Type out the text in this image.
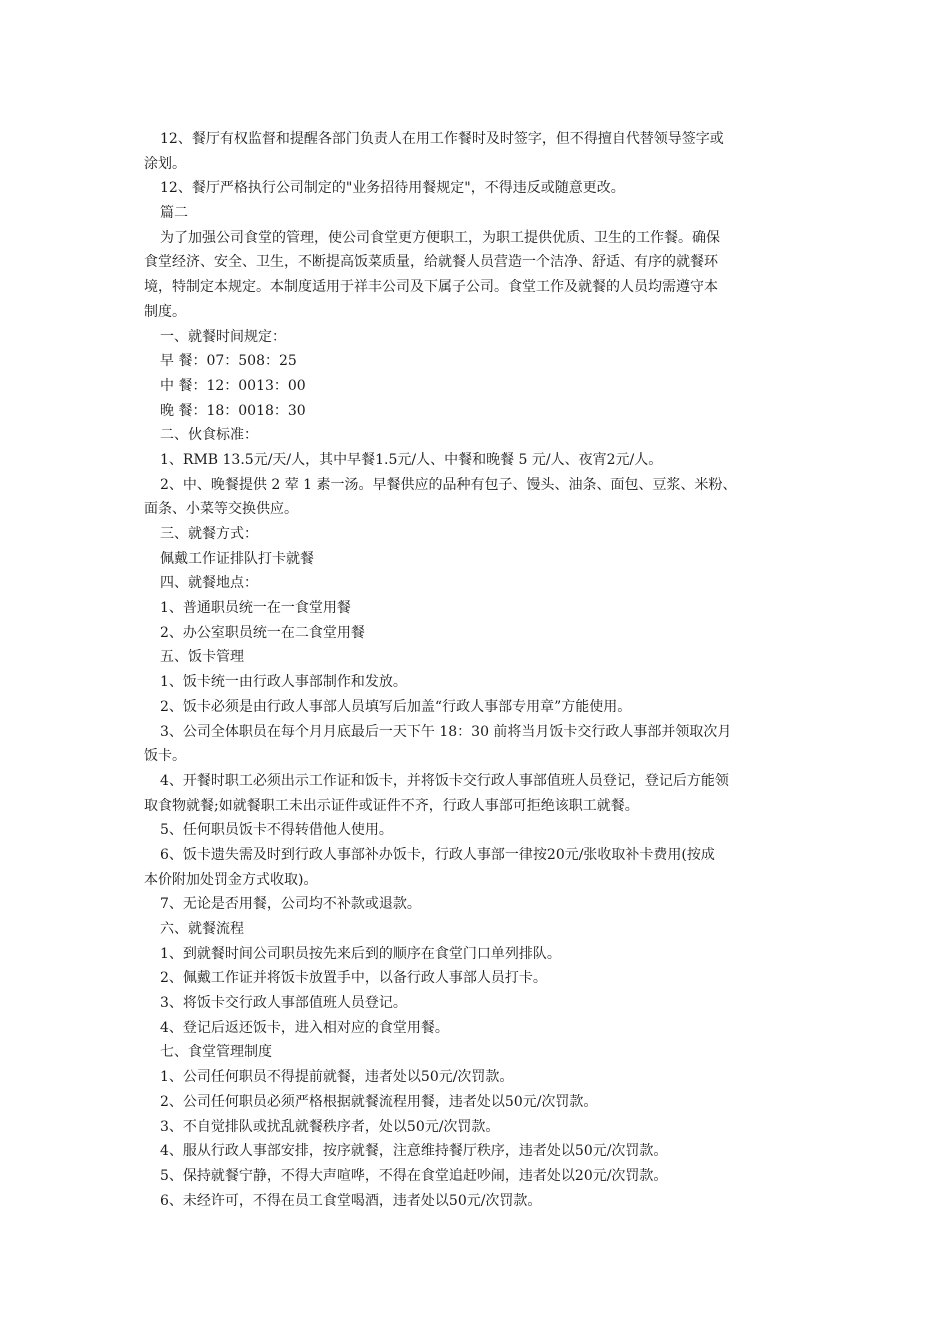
12、餐厅有权监督和提醒各部门负责人在用工作餐时及时签字，但不得擅自代替领导签字或
涂划。
12、餐厅严格执行公司制定的"业务招待用餐规定"，不得违反或随意更改。
篇二
为了加强公司食堂的管理，使公司食堂更方便职工，为职工提供优质、卫生的工作餐。确保
食堂经济、安全、卫生，不断提高饭菜质量，给就餐人员营造一个洁净、舒适、有序的就餐环
境，特制定本规定。本制度适用于祥丰公司及下属子公司。食堂工作及就餐的人员均需遵守本
制度。
一、就餐时间规定：
早 餐：07：508：25
中 餐：12：0013：00
晚 餐：18：0018：30
二、伙食标准：
1、RMB 13.5元/天/人，其中早餐1.5元/人、中餐和晚餐 5 元/人、夜宵2元/人。
2、中、晚餐提供 2 荤 1 素一汤。早餐供应的品种有包子、馒头、油条、面包、豆浆、米粉、
面条、小菜等交换供应。
三、就餐方式：
佩戴工作证排队打卡就餐
四、就餐地点：
1、普通职员统一在一食堂用餐
2、办公室职员统一在二食堂用餐
五、饭卡管理
1、饭卡统一由行政人事部制作和发放。
2、饭卡必须是由行政人事部人员填写后加盖“行政人事部专用章”方能使用。
3、公司全体职员在每个月月底最后一天下午 18：30 前将当月饭卡交行政人事部并领取次月
饭卡。
4、开餐时职工必须出示工作证和饭卡，并将饭卡交行政人事部值班人员登记，登记后方能领
取食物就餐;如就餐职工未出示证件或证件不齐，行政人事部可拒绝该职工就餐。
5、任何职员饭卡不得转借他人使用。
6、饭卡遗失需及时到行政人事部补办饭卡，行政人事部一律按20元/张收取补卡费用(按成
本价附加处罚金方式收取)。
7、无论是否用餐，公司均不补款或退款。
六、就餐流程
1、到就餐时间公司职员按先来后到的顺序在食堂门口单列排队。
2、佩戴工作证并将饭卡放置手中，以备行政人事部人员打卡。
3、将饭卡交行政人事部值班人员登记。
4、登记后返还饭卡，进入相对应的食堂用餐。
七、食堂管理制度
1、公司任何职员不得提前就餐，违者处以50元/次罚款。
2、公司任何职员必须严格根据就餐流程用餐，违者处以50元/次罚款。
3、不自觉排队或扰乱就餐秩序者，处以50元/次罚款。
4、服从行政人事部安排，按序就餐，注意维持餐厅秩序，违者处以50元/次罚款。
5、保持就餐宁静，不得大声喧哗，不得在食堂追赶吵闹，违者处以20元/次罚款。
6、未经许可，不得在员工食堂喝酒，违者处以50元/次罚款。
